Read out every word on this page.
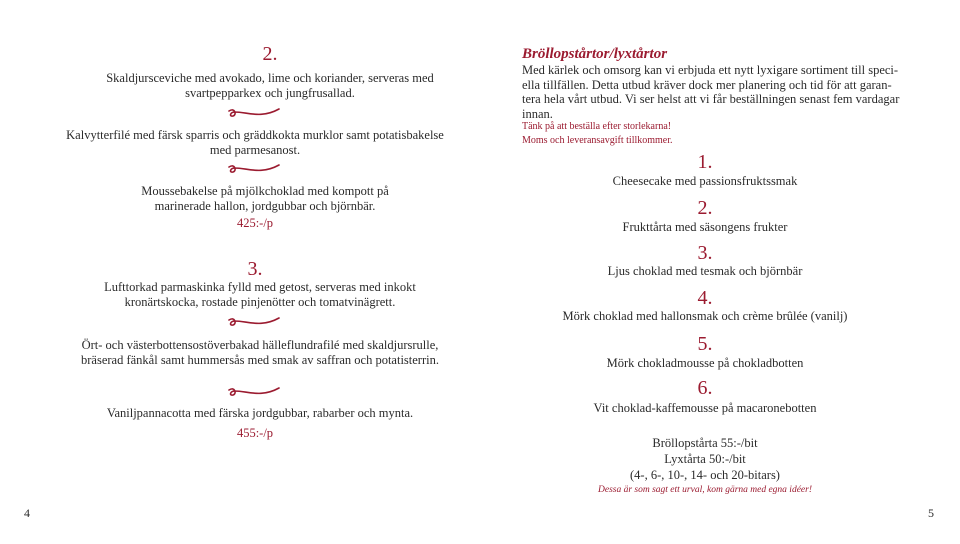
2.
Skaldjursceviche med avokado, lime och koriander, serveras med svartpepparkex och jungfrusallad.
Kalvytterfilé med färsk sparris och gräddkokta murklor samt potatisbakelse med parmesanost.
Moussebakelse på mjölkchoklad med kompott på marinerade hallon, jordgubbar och björnbär.
425:-/p
3.
Lufttorkad parmaskinka fylld med getost, serveras med inkokt kronärtskocka, rostade pinjenötter och tomatvinägrett.
Ört- och västerbottensostöverbakad hälleflundrafilé med skaldjursrulle, bräserad fänkål samt hummersås med smak av saffran och potatisterrin.
Vaniljpannacotta med färska jordgubbar, rabarber och mynta.
455:-/p
4
Bröllopstårtor/lyxtårtor
Med kärlek och omsorg kan vi erbjuda ett nytt lyxigare sortiment till speci-
ella tillfällen. Detta utbud kräver dock mer planering och tid för att garan-
tera hela vårt utbud. Vi ser helst att vi får beställningen senast fem vardagar
innan.
Tänk på att beställa efter storlekarna!
Moms och leveransavgift tillkommer.
1.
Cheesecake med passionsfruktssmak
2.
Frukttårta med säsongens frukter
3.
Ljus choklad med tesmak och björnbär
4.
Mörk choklad med hallonsmak och crème brûlée (vanilj)
5.
Mörk chokladmousse på chokladbotten
6.
Vit choklad-kaffemousse på macaronebotten
Bröllopstårta 55:-/bit
Lyxtårta 50:-/bit
(4-, 6-, 10-, 14- och 20-bitars)
Dessa är som sagt ett urval, kom gärna med egna idéer!
5
